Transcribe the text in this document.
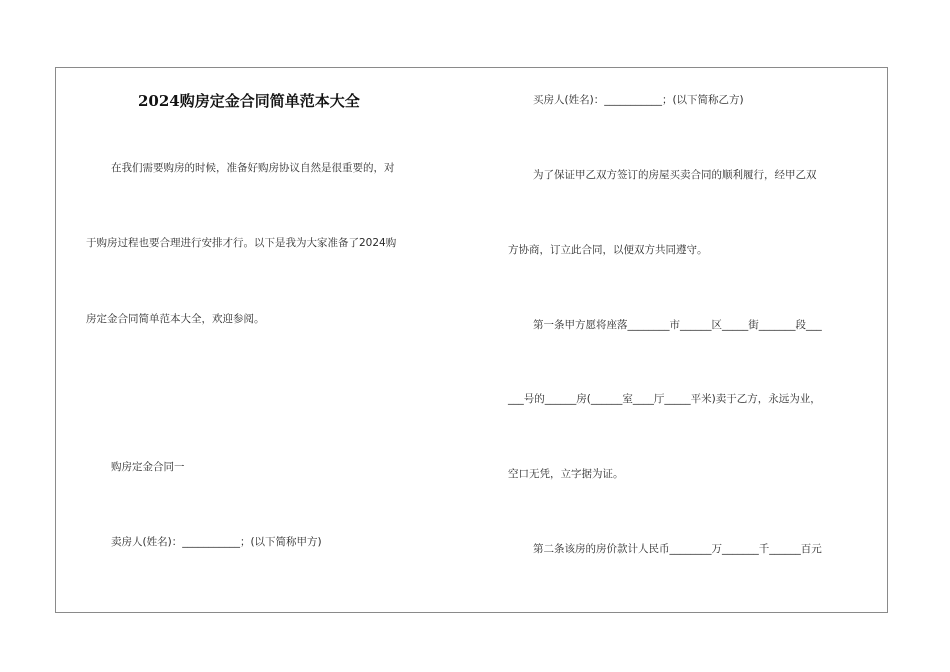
2024购房定金合同简单范本大全
在我们需要购房的时候，准备好购房协议自然是很重要的，对
于购房过程也要合理进行安排才行。以下是我为大家准备了2024购
房定金合同简单范本大全，欢迎参阅。
购房定金合同一
卖房人(姓名)：___________；(以下简称甲方)
买房人(姓名)：___________；(以下简称乙方)
为了保证甲乙双方签订的房屋买卖合同的顺利履行，经甲乙双
方协商，订立此合同，以便双方共同遵守。
第一条甲方愿将座落________市______区_____街_______段___
___号的______房(______室____厅_____平米)卖于乙方，永远为业，
空口无凭，立字据为证。
第二条该房的房价款计人民币________万_______千______百元
